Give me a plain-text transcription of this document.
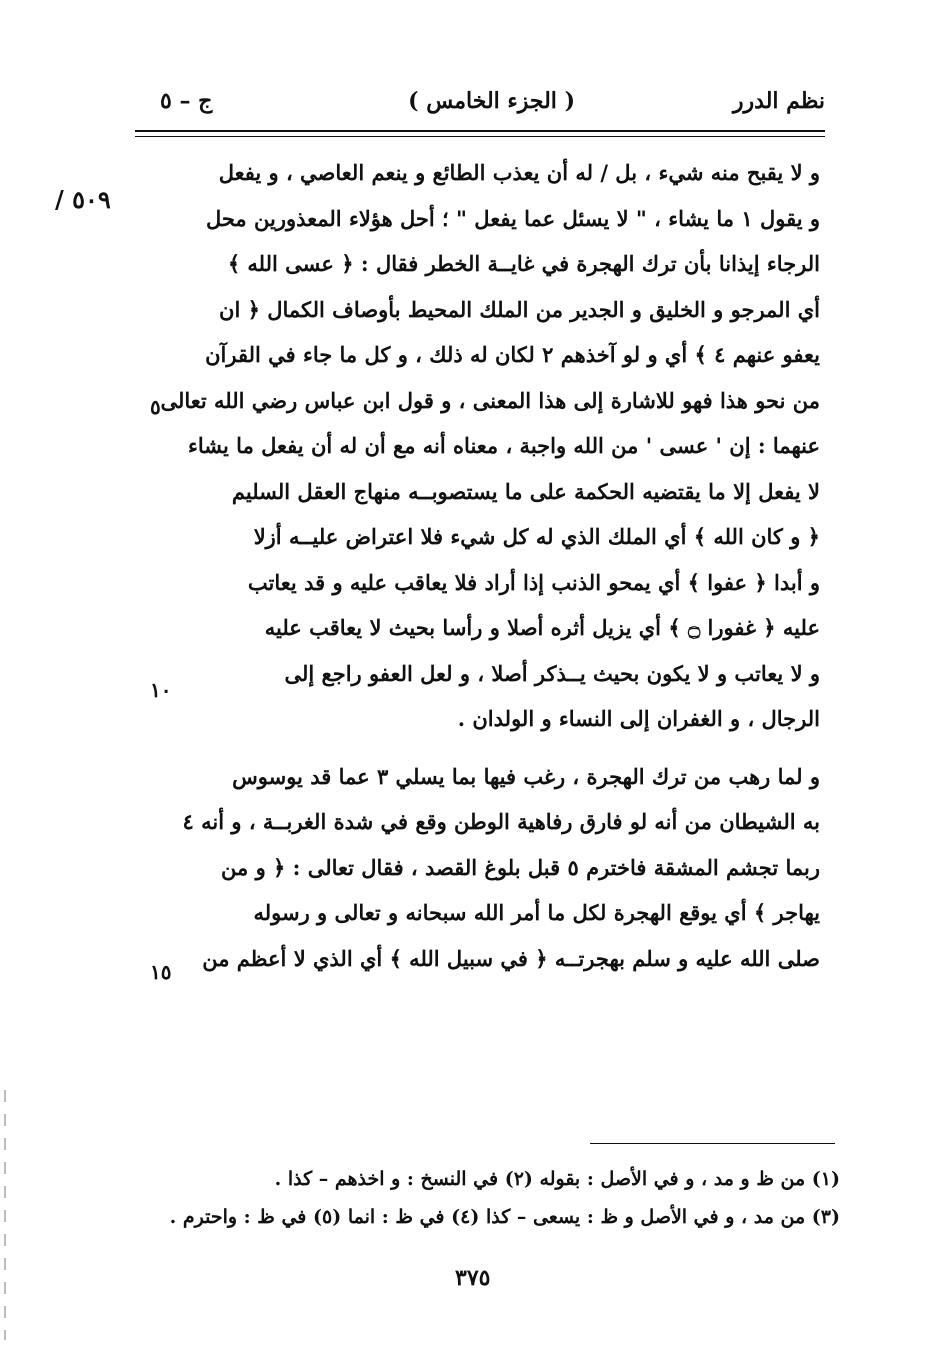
نظم الدرر
( الجزء الخامس )
ج – ٥
/ ٥٠٩
٥
١٠
١٥
و لا يقبح منه شيء ، بل / له أن يعذب الطائع و ينعم العاصي ، و يفعل
و يقول ١ ما يشاء ، " لا يسئل عما يفعل " ؛ أحل هؤلاء المعذورين محل
الرجاء إيذانا بأن ترك الهجرة في غايــة الخطر فقال : ﴿ عسى الله ﴾
أي المرجو و الخليق و الجدير من الملك المحيط بأوصاف الكمال ﴿ ان
يعفو عنهم ٤ ﴾ أي و لو آخذهم ٢ لكان له ذلك ، و كل ما جاء في القرآن
من نحو هذا فهو للاشارة إلى هذا المعنى ، و قول ابن عباس رضي الله تعالى
عنهما : إن ' عسى ' من الله واجبة ، معناه أنه مع أن له أن يفعل ما يشاء
لا يفعل إلا ما يقتضيه الحكمة على ما يستصوبــه منهاج العقل السليم
﴿ و كان الله ﴾ أي الملك الذي له كل شيء فلا اعتراض عليــه أزلا
و أبدا ﴿ عفوا ﴾ أي يمحو الذنب إذا أراد فلا يعاقب عليه و قد يعاتب
عليه ﴿ غفورا ۝ ﴾ أي يزيل أثره أصلا و رأسا بحيث لا يعاقب عليه
و لا يعاتب و لا يكون بحيث يــذكر أصلا ، و لعل العفو راجع إلى
الرجال ، و الغفران إلى النساء و الولدان .
و لما رهب من ترك الهجرة ، رغب فيها بما يسلي ٣ عما قد يوسوس
به الشيطان من أنه لو فارق رفاهية الوطن وقع في شدة الغربــة ، و أنه ٤
ربما تجشم المشقة فاخترم ٥ قبل بلوغ القصد ، فقال تعالى : ﴿ و من
يهاجر ﴾ أي يوقع الهجرة لكل ما أمر الله سبحانه و تعالى و رسوله
صلى الله عليه و سلم بهجرتــه ﴿ في سبيل الله ﴾ أي الذي لا أعظم من
(١) من ظ و مد ، و في الأصل : بقوله (٢) في النسخ : و اخذهم – كذا .
(٣) من مد ، و في الأصل و ظ : يسعى – كذا (٤) في ظ : انما (٥) في ظ : واحترم .
٣٧٥
